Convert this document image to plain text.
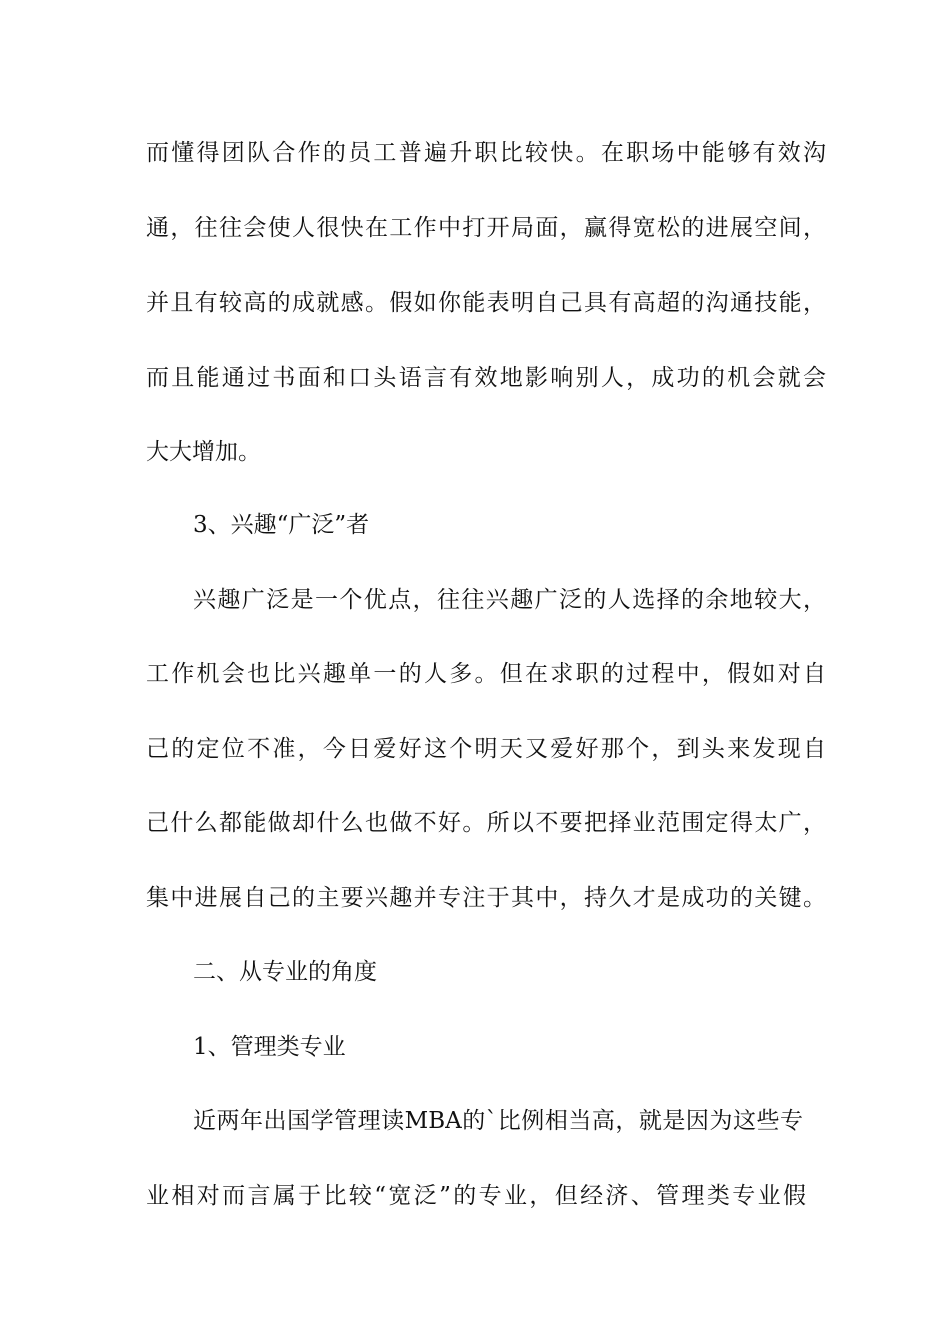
而懂得团队合作的员工普遍升职比较快。在职场中能够有效沟
通，往往会使人很快在工作中打开局面，赢得宽松的进展空间，
并且有较高的成就感。假如你能表明自己具有高超的沟通技能，
而且能通过书面和口头语言有效地影响别人，成功的机会就会
大大增加。
3、兴趣“广泛”者
兴趣广泛是一个优点，往往兴趣广泛的人选择的余地较大，
工作机会也比兴趣单一的人多。但在求职的过程中，假如对自
己的定位不准，今日爱好这个明天又爱好那个，到头来发现自
己什么都能做却什么也做不好。所以不要把择业范围定得太广，
集中进展自己的主要兴趣并专注于其中，持久才是成功的关键。
二、从专业的角度
1、管理类专业
近两年出国学管理读MBA的`比例相当高，就是因为这些专
业相对而言属于比较“宽泛”的专业，但经济、管理类专业假
